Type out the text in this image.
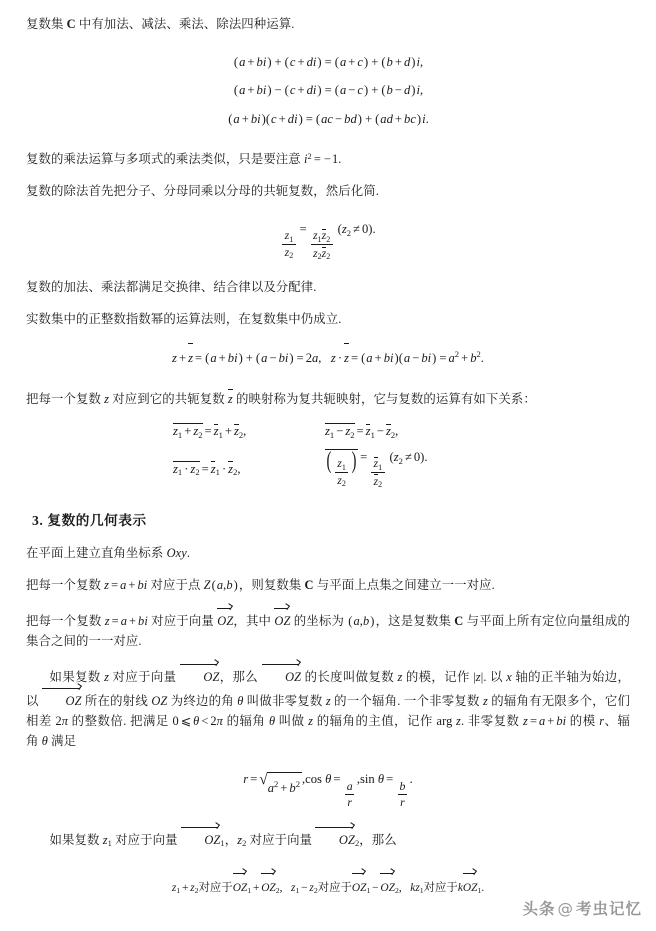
复数集 C 中有加法、减法、乘法、除法四种运算.

(a + bi) + (c + di) = (a + c) + (b + d)i,
(a + bi) − (c + di) = (a − c) + (b − d)i,
(a + bi)(c + di) = (ac − bd) + (ad + bc)i.

复数的乘法运算与多项式的乘法类似，只是要注意 $i^2 = -1$.

复数的除法首先把分子、分母同乘以分母的共轭复数，然后化简.

$\frac{z_1}{z_2}$
= $\frac{z_1z_2}{z_2z_2} (z_2 \ne 0)$.

复数的加法、乘法都满足交换律、结合律以及分配律.

实数集中的正整数指数幂的运算法则，在复数集中仍成立.

z + z = (a + bi) + (a − bi) = 2a, $z \cdot z = (a + bi)(a - bi) = a^2 + b^2$.

把每一个复数 z 对应到它的共轭复数 z 的映射称为复共轭映射，它与复数的运算有如下关系：

$z_1 + z_2 = z_1 + z_2$,	$z_1 - z_2 = z_1 - z_2$,
$z_1 \cdot z_2 = z_1 \cdot z_2$,	( $\frac{z_1}{z_2}$ ) = $\frac{z_1}{z_2} (z_2 \ne 0)$.
3. 复数的几何表示

在平面上建立直角坐标系 Oxy.

把每一个复数 z = a + bi 对应于点 Z(a,b)，则复数集 C 与平面上点集之间建立一一对应.

把每一个复数 z = a + bi 对应于向量 OZ，其中 OZ 的坐标为 (a,b)，这是复数集 C 与平面上所有定位向量组成的集合之间的一一对应.

如果复数 z 对应于向量 OZ，那么 OZ 的长度叫做复数 z 的模，记作 |z|. 以 x 轴的正半轴为始边，以 OZ 所在的射线 OZ 为终边的角 θ 叫做非零复数 z 的一个辐角. 一个非零复数 z 的辐角有无限多个，它们相差 2π 的整数倍. 把满足 0 ⩽ θ < 2π 的辐角 θ 叫做 z 的辐角的主值，记作 arg z. 非零复数 z = a + bi 的模 r、辐角 θ 满足

r = √ $a^2 + b^2$ ,cos θ =
$\frac{a}{r}$
,sin θ =
$\frac{b}{r}$
.

如果复数 $z_1$ 对应于向量 $OZ_1$，$z_2$ 对应于向量 $OZ_2$，那么

$z_1 + z_2$对应于$OZ_1 + OZ_2$, $z_1 - z_2$对应于$OZ_1 - OZ_2$, $kz_1$对应于kOZ$_1$.
头条 @ 考虫记忆
